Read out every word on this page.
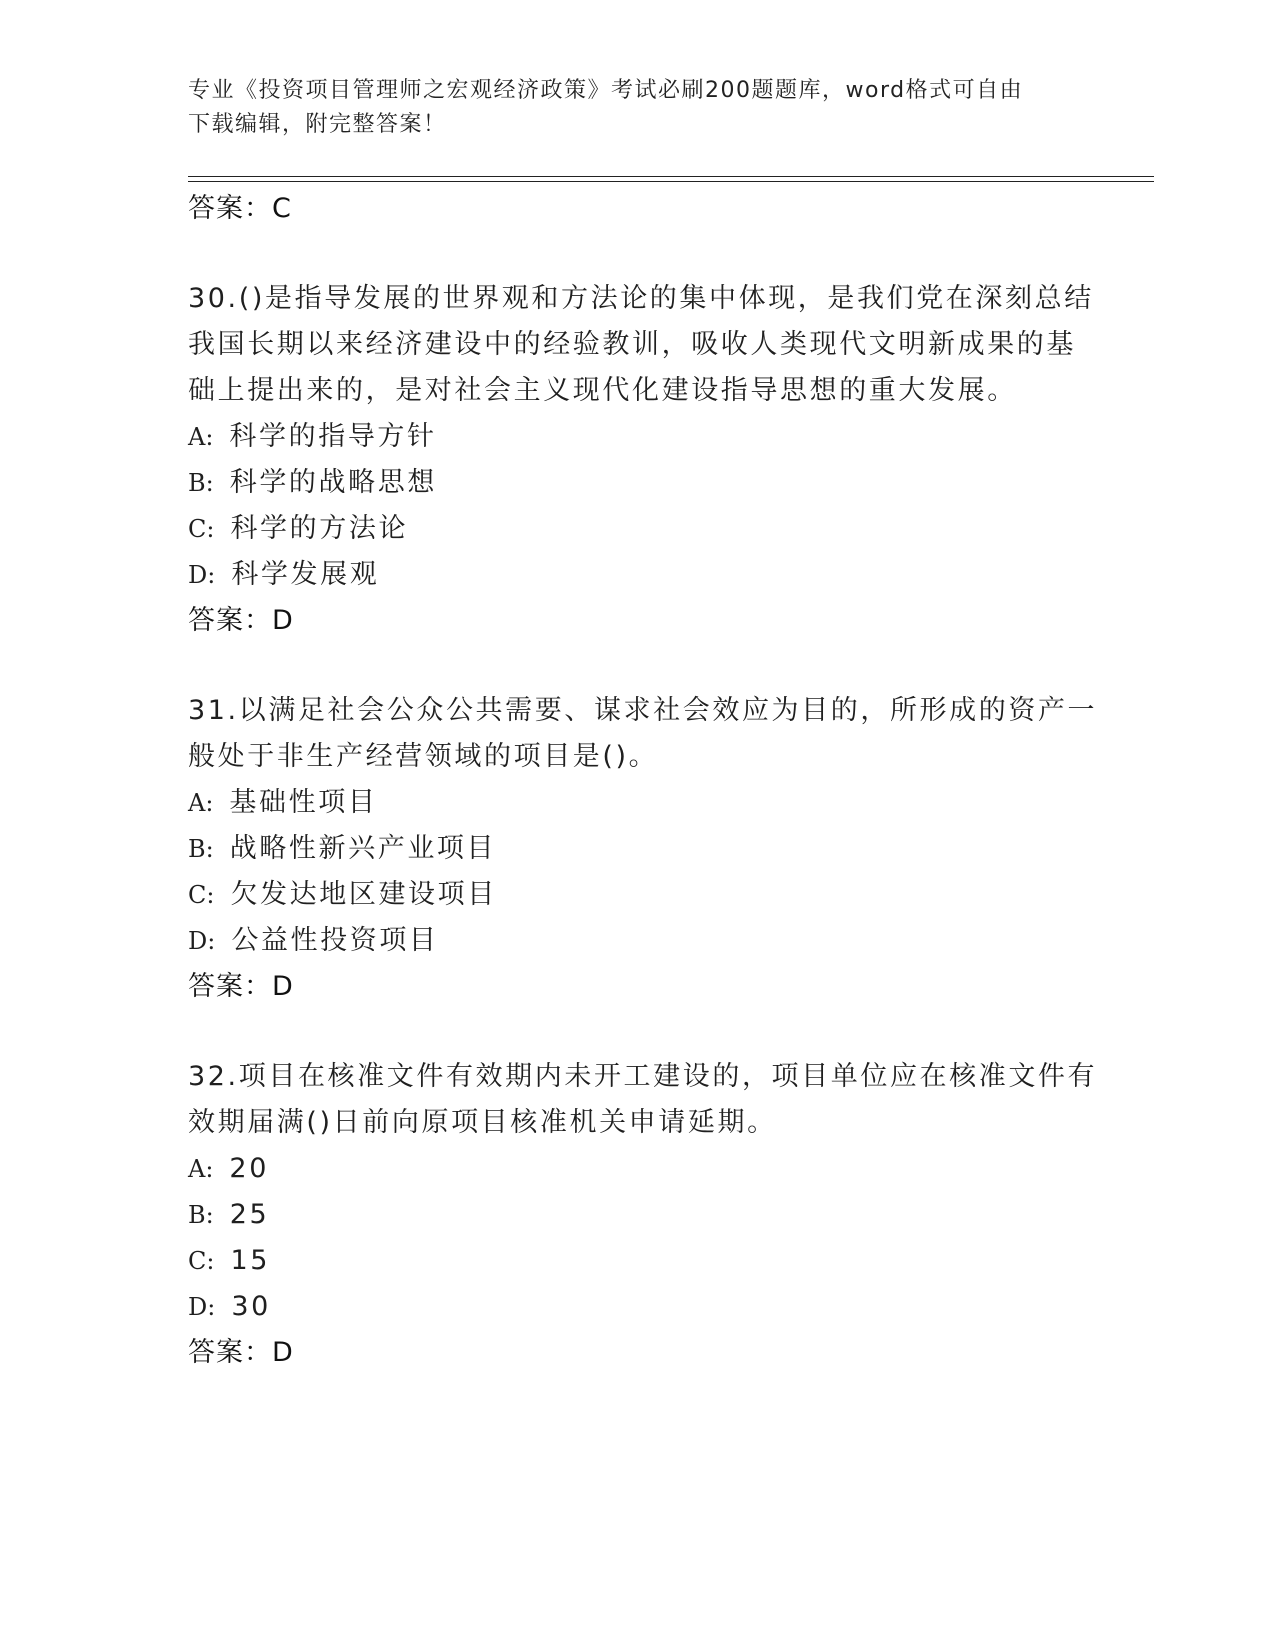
专业《投资项目管理师之宏观经济政策》考试必刷200题题库，word格式可自由
下载编辑，附完整答案！
答案：C
30.()是指导发展的世界观和方法论的集中体现，是我们党在深刻总结
我国长期以来经济建设中的经验教训，吸收人类现代文明新成果的基
础上提出来的，是对社会主义现代化建设指导思想的重大发展。
A: 科学的指导方针
B: 科学的战略思想
C: 科学的方法论
D: 科学发展观
答案：D
31.以满足社会公众公共需要、谋求社会效应为目的，所形成的资产一
般处于非生产经营领域的项目是()。
A: 基础性项目
B: 战略性新兴产业项目
C: 欠发达地区建设项目
D: 公益性投资项目
答案：D
32.项目在核准文件有效期内未开工建设的，项目单位应在核准文件有
效期届满()日前向原项目核准机关申请延期。
A: 20
B: 25
C: 15
D: 30
答案：D
